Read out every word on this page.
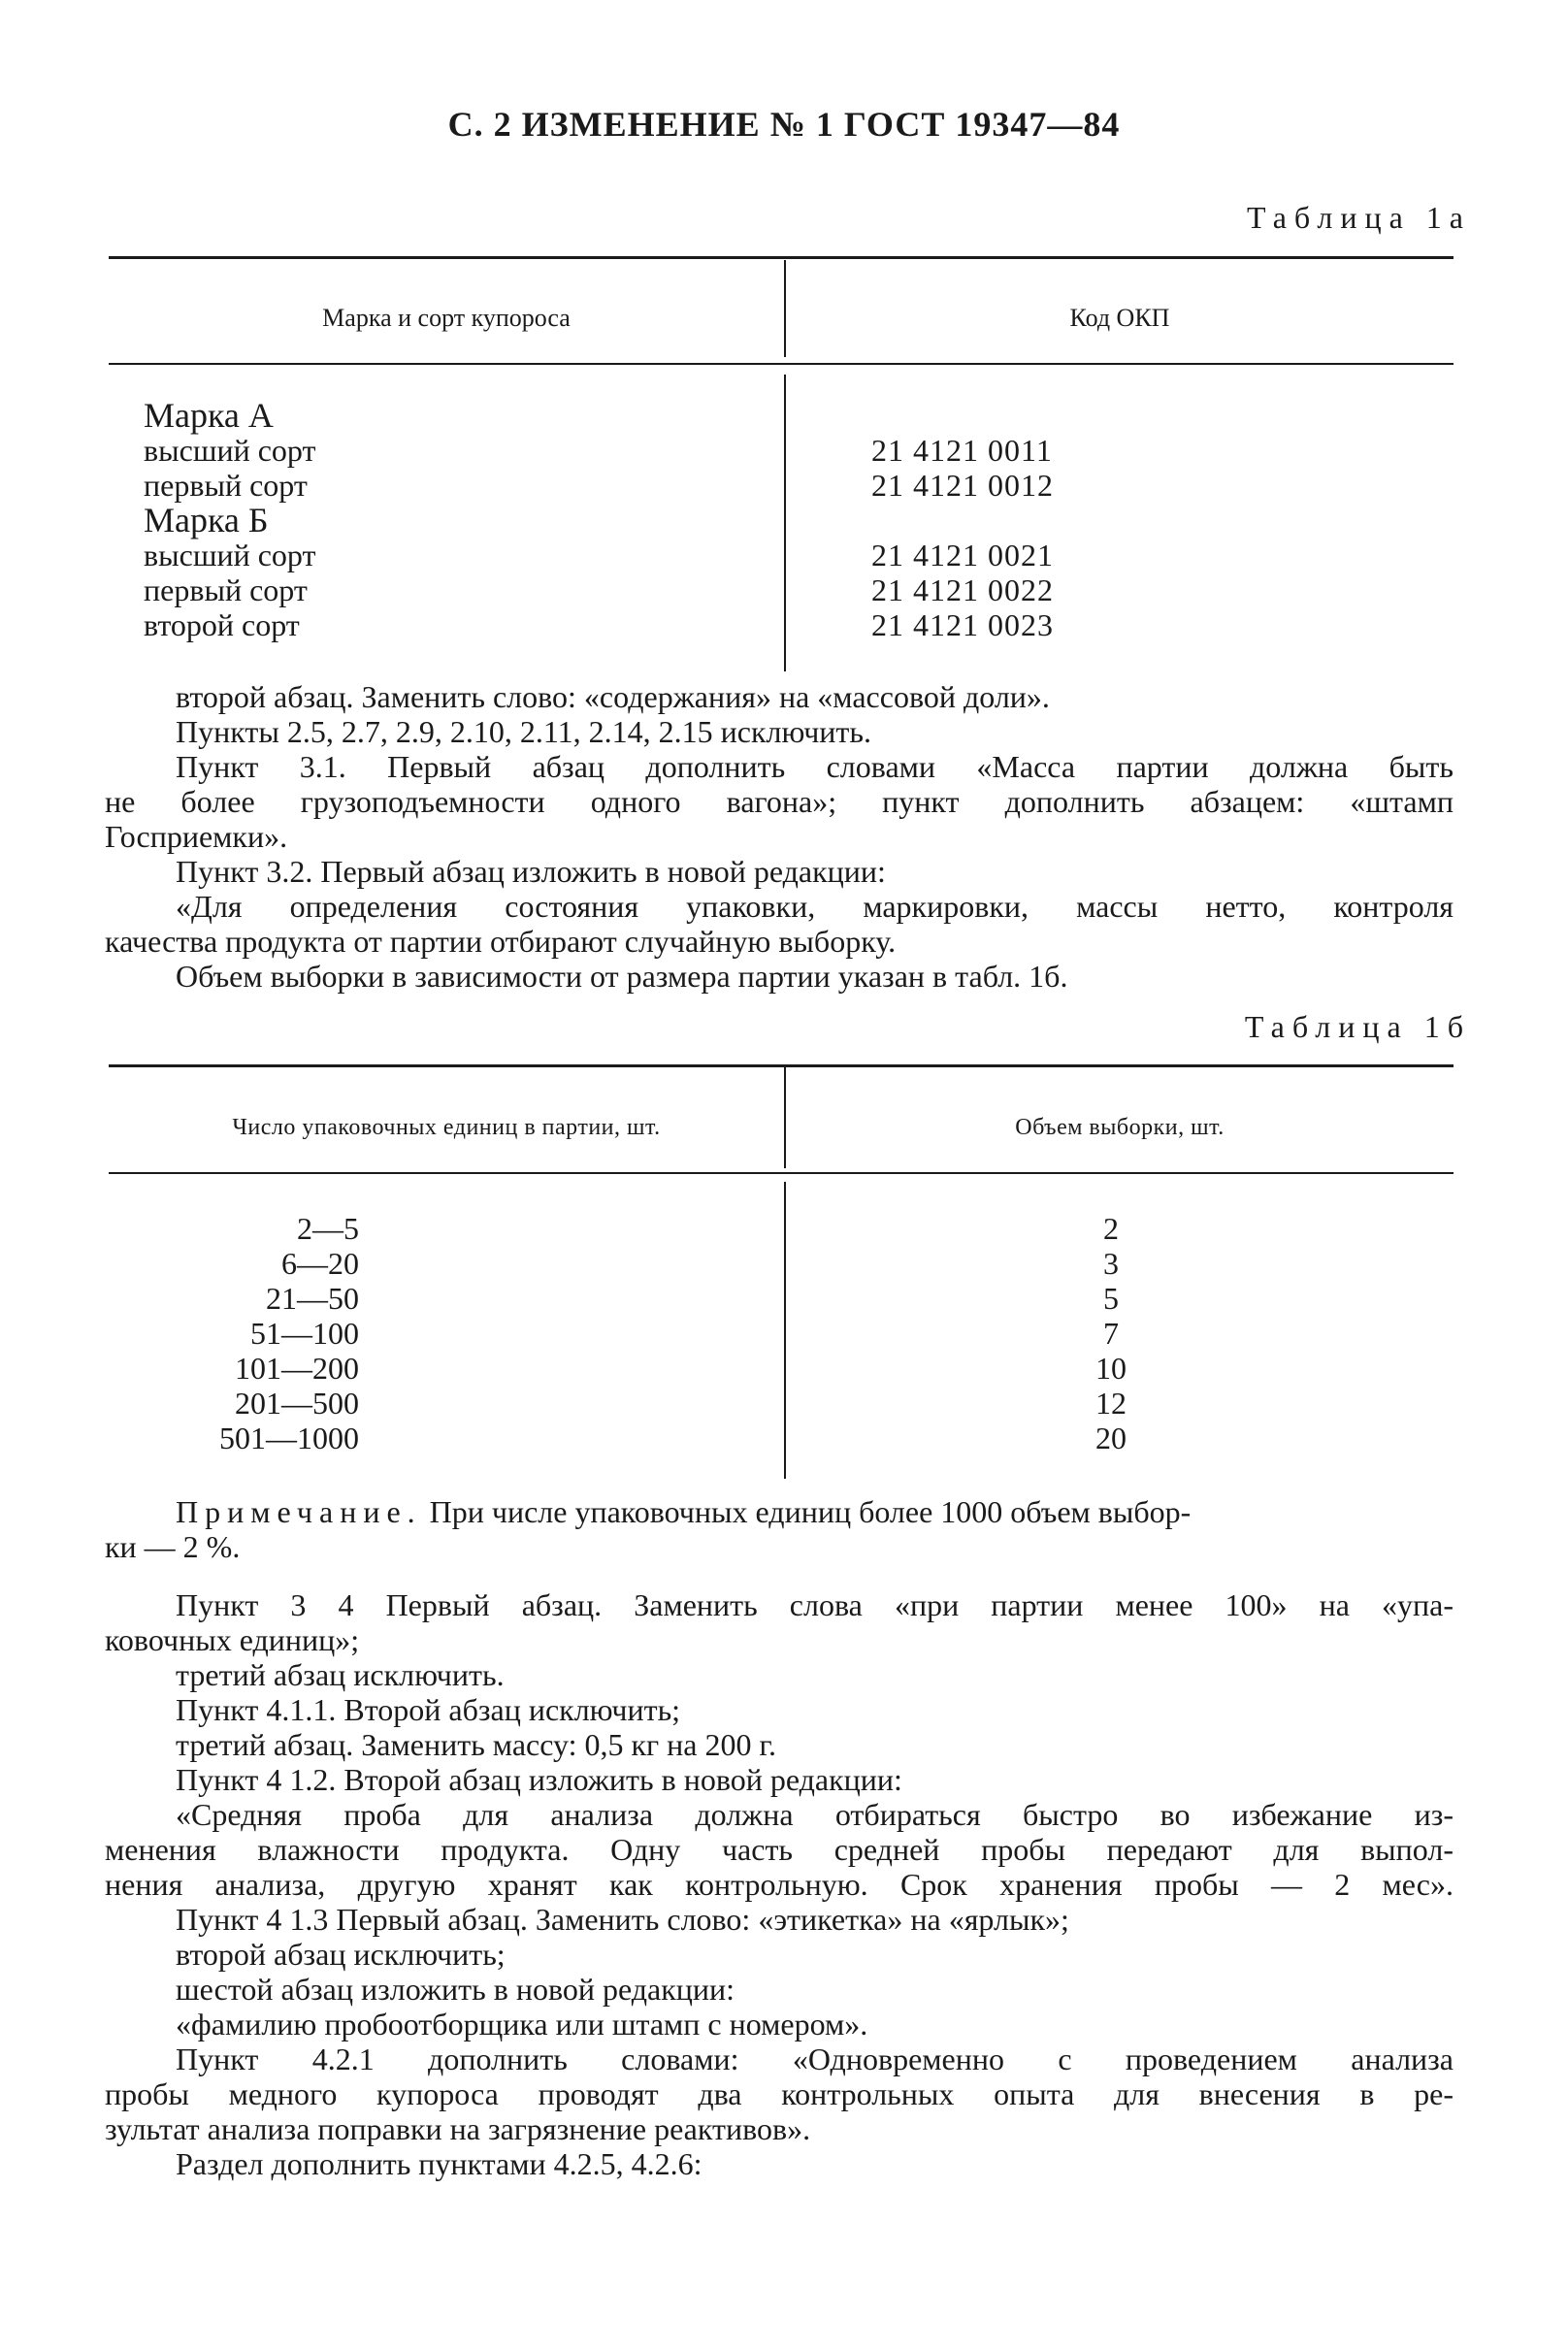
С. 2 ИЗМЕНЕНИЕ № 1 ГОСТ 19347—84
Таблица 1а
Марка и сорт купороса	Код ОКП
Марка А
высший сорт
первый сорт
Марка Б
высший сорт
первый сорт
второй сорт
21 4121 0011
21 4121 0012
21 4121 0021
21 4121 0022
21 4121 0023
второй абзац. Заменить слово: «содержания» на «массовой доли».
Пункты 2.5, 2.7, 2.9, 2.10, 2.11, 2.14, 2.15 исключить.
Пункт 3.1. Первый абзац дополнить словами «Масса партии должна быть
не более грузоподъемности одного вагона»; пункт дополнить абзацем: «штамп
Госприемки».
Пункт 3.2. Первый абзац изложить в новой редакции:
«Для определения состояния упаковки, маркировки, массы нетто, контроля
качества продукта от партии отбирают случайную выборку.
Объем выборки в зависимости от размера партии указан в табл. 1б.
Таблица 1б
Число упаковочных единиц в партии, шт.	Объем выборки, шт.
2—5
6—20
21—50
51—100
101—200
201—500
501—1000
2
3
5
7
10
12
20
Примечание. При числе упаковочных единиц более 1000 объем выбор-
ки — 2 %.
Пункт 3 4 Первый абзац. Заменить слова «при партии менее 100» на «упа-
ковочных единиц»;
третий абзац исключить.
Пункт 4.1.1. Второй абзац исключить;
третий абзац. Заменить массу: 0,5 кг на 200 г.
Пункт 4 1.2. Второй абзац изложить в новой редакции:
«Средняя проба для анализа должна отбираться быстро во избежание из-
менения влажности продукта. Одну часть средней пробы передают для выпол-
нения анализа, другую хранят как контрольную. Срок хранения пробы — 2 мес».
Пункт 4 1.3 Первый абзац. Заменить слово: «этикетка» на «ярлык»;
второй абзац исключить;
шестой абзац изложить в новой редакции:
«фамилию пробоотборщика или штамп с номером».
Пункт 4.2.1 дополнить словами: «Одновременно с проведением анализа
пробы медного купороса проводят два контрольных опыта для внесения в ре-
зультат анализа поправки на загрязнение реактивов».
Раздел дополнить пунктами 4.2.5, 4.2.6:
